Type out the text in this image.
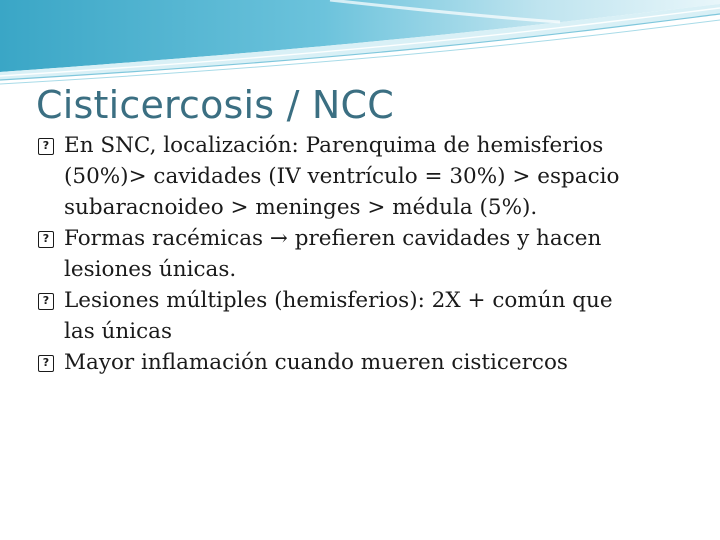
Cisticercosis / NCC
? En SNC, localización: Parenquima de hemisferios (50%)> cavidades (IV ventrículo = 30%) > espacio subaracnoideo > meninges > médula (5%).
? Formas racémicas → prefieren cavidades y hacen lesiones únicas.
? Lesiones múltiples (hemisferios): 2X + común que las únicas
? Mayor inflamación cuando mueren cisticercos
